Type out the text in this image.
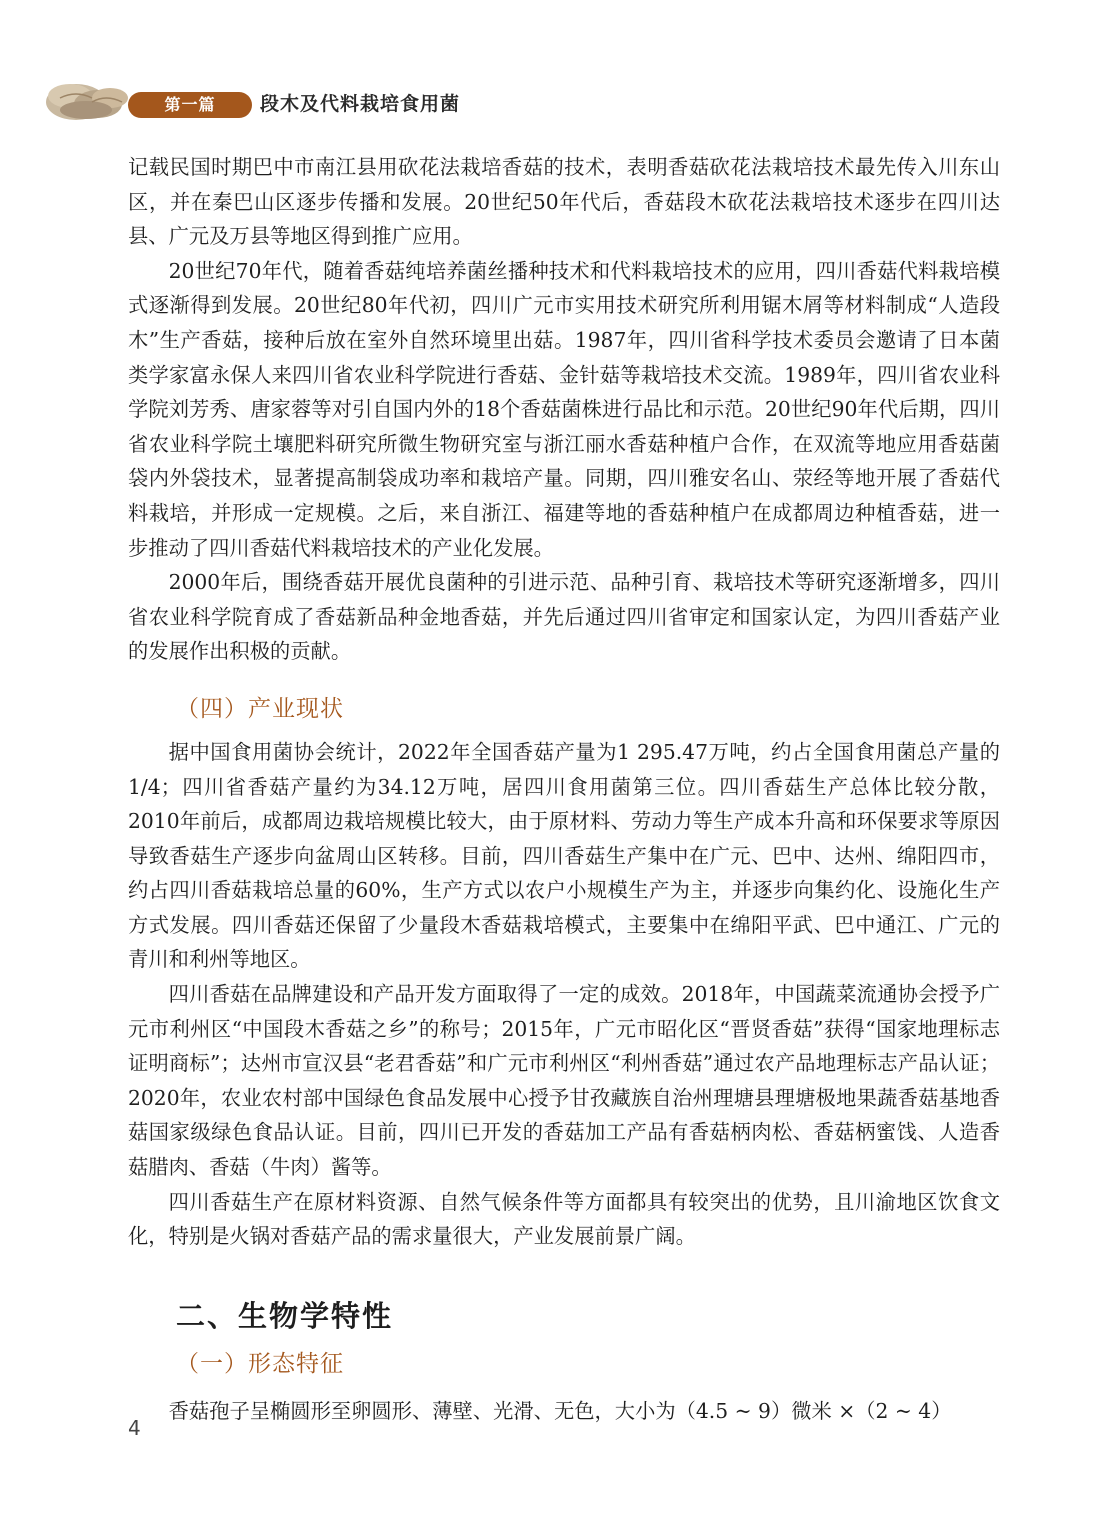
第一篇	段木及代料栽培食用菌

记载民国时期巴中市南江县用砍花法栽培香菇的技术，表明香菇砍花法栽培技术最先传入川东山区，并在秦巴山区逐步传播和发展。20世纪50年代后，香菇段木砍花法栽培技术逐步在四川达县、广元及万县等地区得到推广应用。

20世纪70年代，随着香菇纯培养菌丝播种技术和代料栽培技术的应用，四川香菇代料栽培模式逐渐得到发展。20世纪80年代初，四川广元市实用技术研究所利用锯木屑等材料制成“人造段木”生产香菇，接种后放在室外自然环境里出菇。1987年，四川省科学技术委员会邀请了日本菌类学家富永保人来四川省农业科学院进行香菇、金针菇等栽培技术交流。1989年，四川省农业科学院刘芳秀、唐家蓉等对引自国内外的18个香菇菌株进行品比和示范。20世纪90年代后期，四川省农业科学院土壤肥料研究所微生物研究室与浙江丽水香菇种植户合作，在双流等地应用香菇菌袋内外袋技术，显著提高制袋成功率和栽培产量。同期，四川雅安名山、荥经等地开展了香菇代料栽培，并形成一定规模。之后，来自浙江、福建等地的香菇种植户在成都周边种植香菇，进一步推动了四川香菇代料栽培技术的产业化发展。

2000年后，围绕香菇开展优良菌种的引进示范、品种引育、栽培技术等研究逐渐增多，四川省农业科学院育成了香菇新品种金地香菇，并先后通过四川省审定和国家认定，为四川香菇产业的发展作出积极的贡献。

（四）产业现状

据中国食用菌协会统计，2022年全国香菇产量为1 295.47万吨，约占全国食用菌总产量的1/4；四川省香菇产量约为34.12万吨，居四川食用菌第三位。四川香菇生产总体比较分散，2010年前后，成都周边栽培规模比较大，由于原材料、劳动力等生产成本升高和环保要求等原因导致香菇生产逐步向盆周山区转移。目前，四川香菇生产集中在广元、巴中、达州、绵阳四市，约占四川香菇栽培总量的60%，生产方式以农户小规模生产为主，并逐步向集约化、设施化生产方式发展。四川香菇还保留了少量段木香菇栽培模式，主要集中在绵阳平武、巴中通江、广元的青川和利州等地区。

四川香菇在品牌建设和产品开发方面取得了一定的成效。2018年，中国蔬菜流通协会授予广元市利州区“中国段木香菇之乡”的称号；2015年，广元市昭化区“晋贤香菇”获得“国家地理标志证明商标”；达州市宣汉县“老君香菇”和广元市利州区“利州香菇”通过农产品地理标志产品认证；2020年，农业农村部中国绿色食品发展中心授予甘孜藏族自治州理塘县理塘极地果蔬香菇基地香菇国家级绿色食品认证。目前，四川已开发的香菇加工产品有香菇柄肉松、香菇柄蜜饯、人造香菇腊肉、香菇（牛肉）酱等。

四川香菇生产在原材料资源、自然气候条件等方面都具有较突出的优势，且川渝地区饮食文化，特别是火锅对香菇产品的需求量很大，产业发展前景广阔。

二、生物学特性
（一）形态特征

香菇孢子呈椭圆形至卵圆形、薄壁、光滑、无色，大小为（4.5 ~ 9）微米 ×（2 ~ 4）

4
